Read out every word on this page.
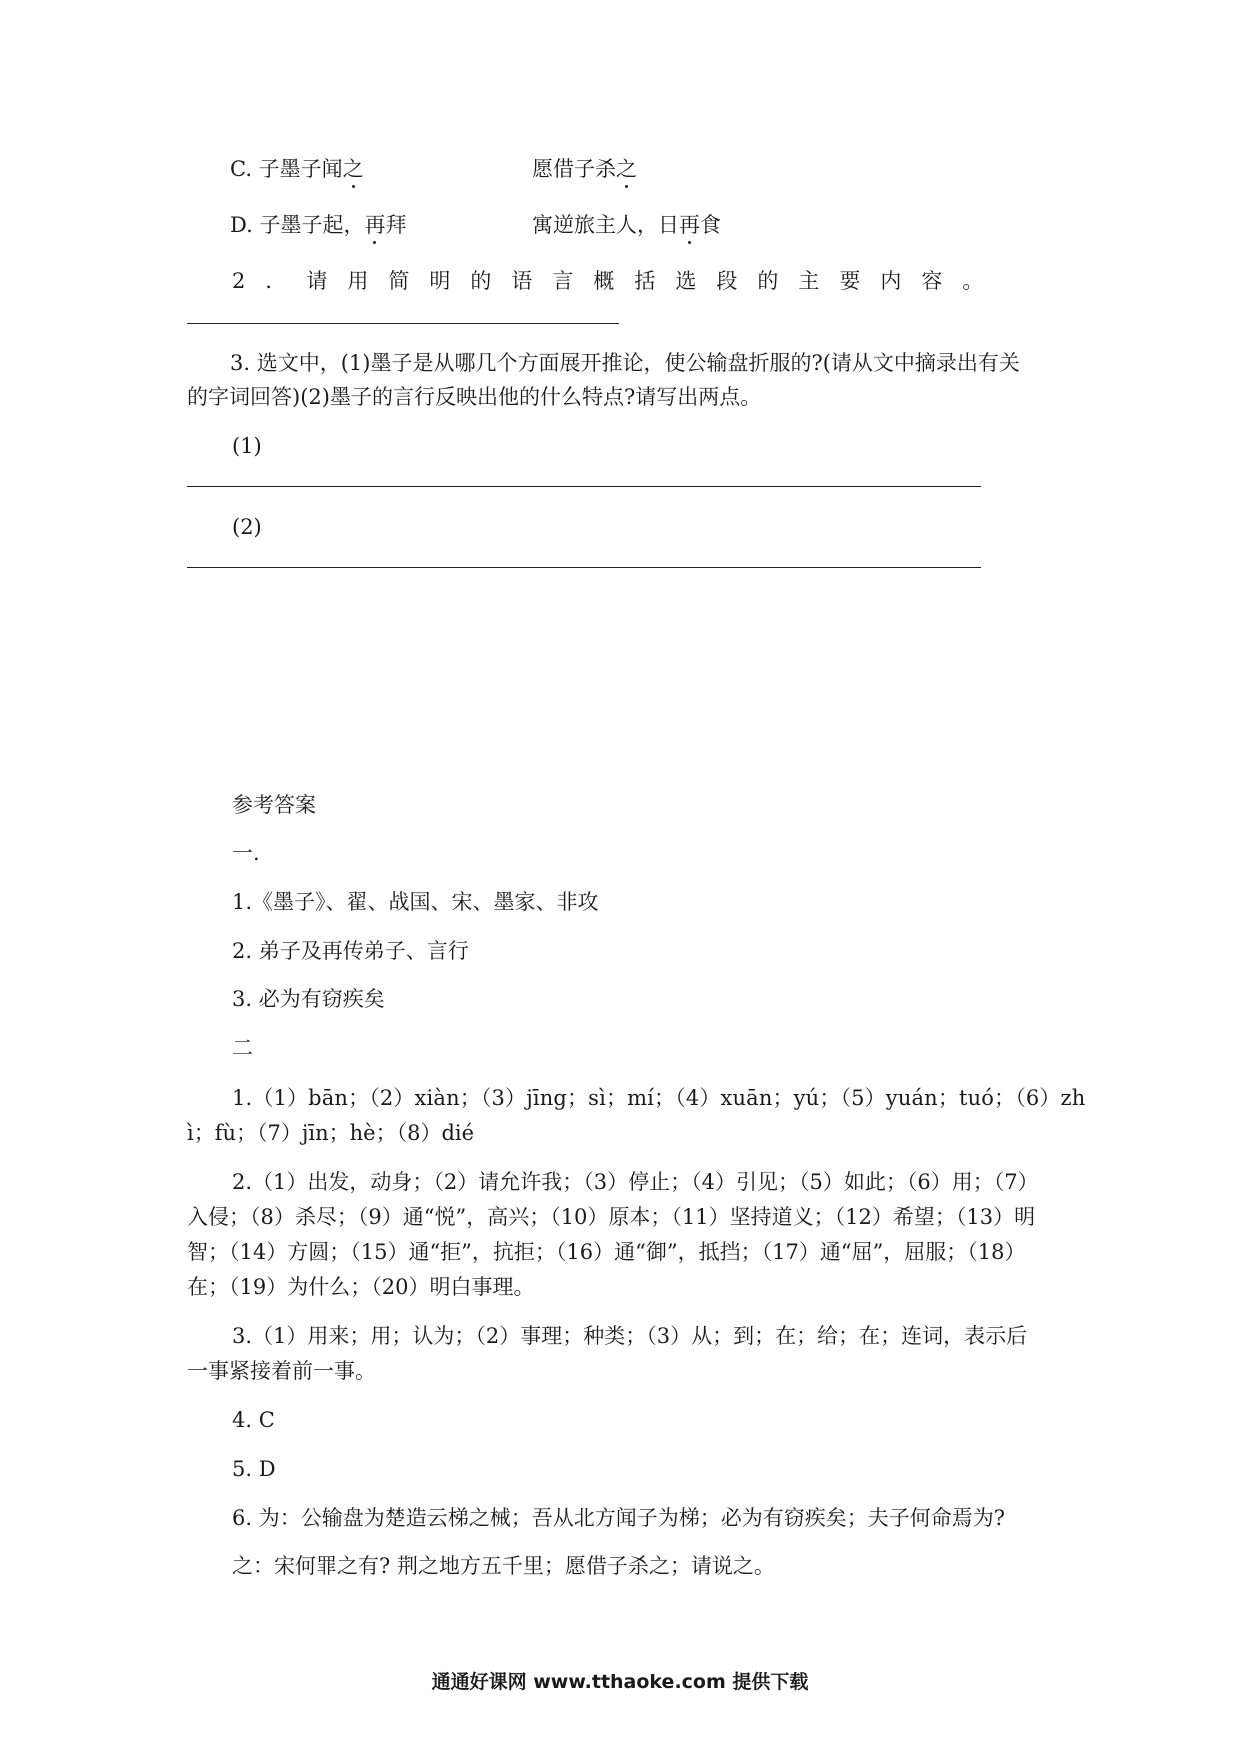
C. 子墨子闻之	愿借子杀之
D. 子墨子起，再拜	寓逆旅主人，日再食
2．请用简明的语言概括选段的主要内容。
3. 选文中，(1)墨子是从哪几个方面展开推论，使公输盘折服的?(请从文中摘录出有关
的字词回答)(2)墨子的言行反映出他的什么特点?请写出两点。
(1)
(2)
参考答案
一.
1.《墨子》、翟、战国、宋、墨家、非攻
2. 弟子及再传弟子、言行
3. 必为有窃疾矣
二
1.（1）bān；（2）xiàn；（3）jīng；sì；mí；（4）xuān；yú；（5）yuán；tuó；（6）zh
ì；fù；（7）jīn；hè；（8）dié
2.（1）出发，动身；（2）请允许我；（3）停止；（4）引见；（5）如此；（6）用；（7）
入侵；（8）杀尽；（9）通“悦”，高兴；（10）原本；（11）坚持道义；（12）希望；（13）明
智；（14）方圆；（15）通“拒”，抗拒；（16）通“御”，抵挡；（17）通“屈”，屈服；（18）
在；（19）为什么；（20）明白事理。
3.（1）用来；用；认为；（2）事理；种类；（3）从；到；在；给；在；连词，表示后
一事紧接着前一事。
4. C
5. D
6. 为：公输盘为楚造云梯之械；吾从北方闻子为梯；必为有窃疾矣；夫子何命焉为?
之：宋何罪之有? 荆之地方五千里；愿借子杀之；请说之。
通通好课网 www.tthaoke.com 提供下载
